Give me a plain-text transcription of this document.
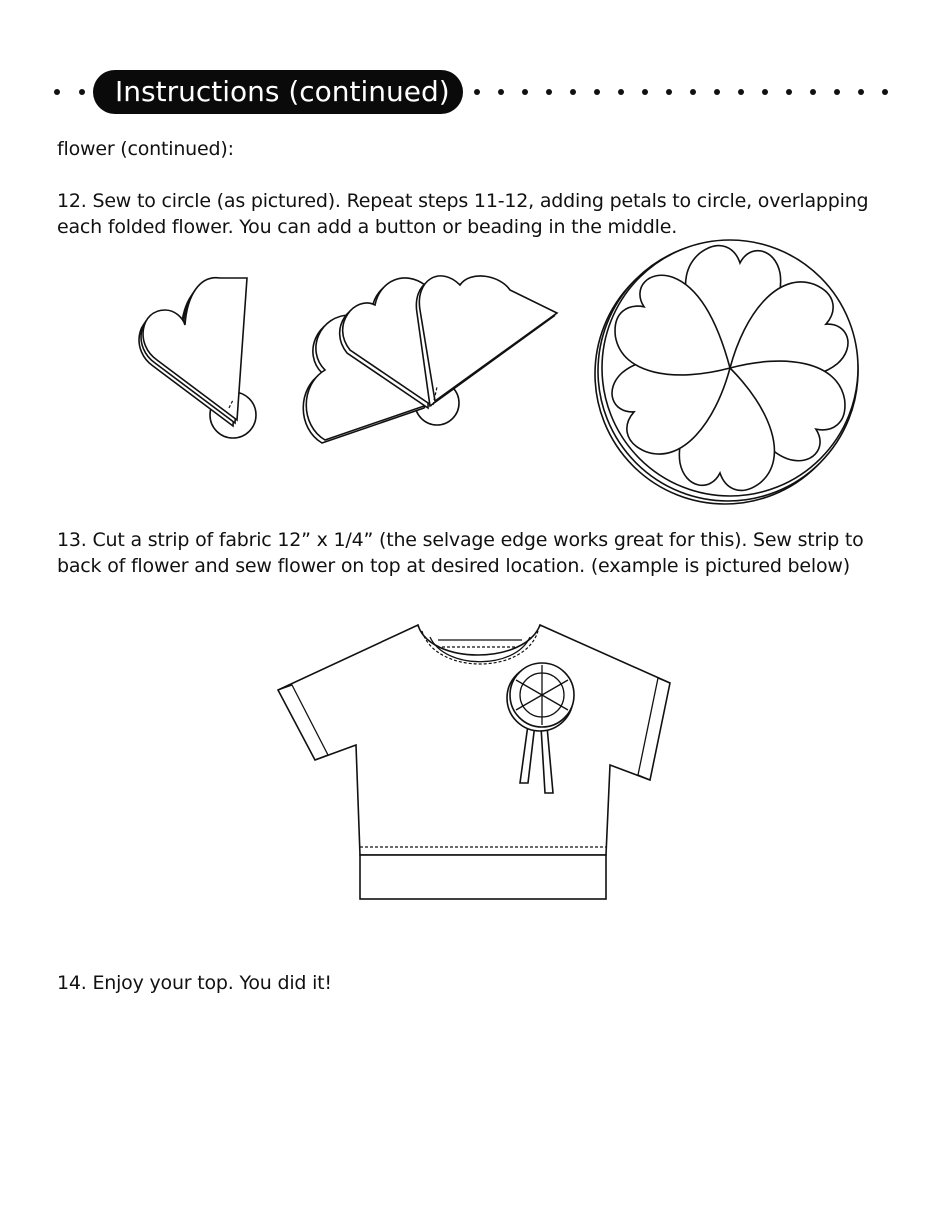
Instructions (continued)
flower (continued):
12. Sew to circle (as pictured). Repeat steps 11-12, adding petals to circle, overlapping
each folded flower. You can add a button or beading in the middle.
13. Cut a strip of fabric 12” x 1/4” (the selvage edge works great for this). Sew strip to
back of flower and sew flower on top at desired location. (example is pictured below)
14. Enjoy your top. You did it!
